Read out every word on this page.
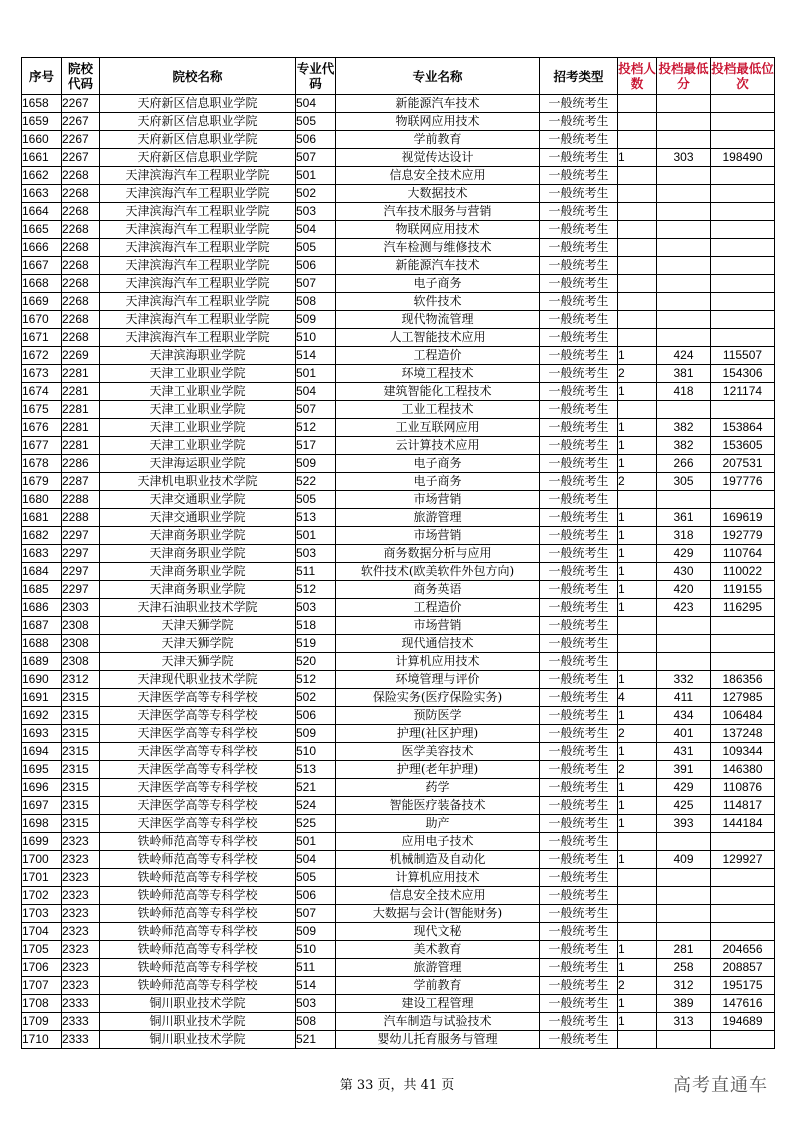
序号	院校代码	院校名称	专业代码	专业名称	招考类型	投档人数	投档最低分	投档最低位次
1658	2267	天府新区信息职业学院	504	新能源汽车技术	一般统考生			
1659	2267	天府新区信息职业学院	505	物联网应用技术	一般统考生			
1660	2267	天府新区信息职业学院	506	学前教育	一般统考生			
1661	2267	天府新区信息职业学院	507	视觉传达设计	一般统考生	1	303	198490
1662	2268	天津滨海汽车工程职业学院	501	信息安全技术应用	一般统考生			
1663	2268	天津滨海汽车工程职业学院	502	大数据技术	一般统考生			
1664	2268	天津滨海汽车工程职业学院	503	汽车技术服务与营销	一般统考生			
1665	2268	天津滨海汽车工程职业学院	504	物联网应用技术	一般统考生			
1666	2268	天津滨海汽车工程职业学院	505	汽车检测与维修技术	一般统考生			
1667	2268	天津滨海汽车工程职业学院	506	新能源汽车技术	一般统考生			
1668	2268	天津滨海汽车工程职业学院	507	电子商务	一般统考生			
1669	2268	天津滨海汽车工程职业学院	508	软件技术	一般统考生			
1670	2268	天津滨海汽车工程职业学院	509	现代物流管理	一般统考生			
1671	2268	天津滨海汽车工程职业学院	510	人工智能技术应用	一般统考生			
1672	2269	天津滨海职业学院	514	工程造价	一般统考生	1	424	115507
1673	2281	天津工业职业学院	501	环境工程技术	一般统考生	2	381	154306
1674	2281	天津工业职业学院	504	建筑智能化工程技术	一般统考生	1	418	121174
1675	2281	天津工业职业学院	507	工业工程技术	一般统考生			
1676	2281	天津工业职业学院	512	工业互联网应用	一般统考生	1	382	153864
1677	2281	天津工业职业学院	517	云计算技术应用	一般统考生	1	382	153605
1678	2286	天津海运职业学院	509	电子商务	一般统考生	1	266	207531
1679	2287	天津机电职业技术学院	522	电子商务	一般统考生	2	305	197776
1680	2288	天津交通职业学院	505	市场营销	一般统考生			
1681	2288	天津交通职业学院	513	旅游管理	一般统考生	1	361	169619
1682	2297	天津商务职业学院	501	市场营销	一般统考生	1	318	192779
1683	2297	天津商务职业学院	503	商务数据分析与应用	一般统考生	1	429	110764
1684	2297	天津商务职业学院	511	软件技术(欧美软件外包方向)	一般统考生	1	430	110022
1685	2297	天津商务职业学院	512	商务英语	一般统考生	1	420	119155
1686	2303	天津石油职业技术学院	503	工程造价	一般统考生	1	423	116295
1687	2308	天津天狮学院	518	市场营销	一般统考生			
1688	2308	天津天狮学院	519	现代通信技术	一般统考生			
1689	2308	天津天狮学院	520	计算机应用技术	一般统考生			
1690	2312	天津现代职业技术学院	512	环境管理与评价	一般统考生	1	332	186356
1691	2315	天津医学高等专科学校	502	保险实务(医疗保险实务)	一般统考生	4	411	127985
1692	2315	天津医学高等专科学校	506	预防医学	一般统考生	1	434	106484
1693	2315	天津医学高等专科学校	509	护理(社区护理)	一般统考生	2	401	137248
1694	2315	天津医学高等专科学校	510	医学美容技术	一般统考生	1	431	109344
1695	2315	天津医学高等专科学校	513	护理(老年护理)	一般统考生	2	391	146380
1696	2315	天津医学高等专科学校	521	药学	一般统考生	1	429	110876
1697	2315	天津医学高等专科学校	524	智能医疗装备技术	一般统考生	1	425	114817
1698	2315	天津医学高等专科学校	525	助产	一般统考生	1	393	144184
1699	2323	铁岭师范高等专科学校	501	应用电子技术	一般统考生			
1700	2323	铁岭师范高等专科学校	504	机械制造及自动化	一般统考生	1	409	129927
1701	2323	铁岭师范高等专科学校	505	计算机应用技术	一般统考生			
1702	2323	铁岭师范高等专科学校	506	信息安全技术应用	一般统考生			
1703	2323	铁岭师范高等专科学校	507	大数据与会计(智能财务)	一般统考生			
1704	2323	铁岭师范高等专科学校	509	现代文秘	一般统考生			
1705	2323	铁岭师范高等专科学校	510	美术教育	一般统考生	1	281	204656
1706	2323	铁岭师范高等专科学校	511	旅游管理	一般统考生	1	258	208857
1707	2323	铁岭师范高等专科学校	514	学前教育	一般统考生	2	312	195175
1708	2333	铜川职业技术学院	503	建设工程管理	一般统考生	1	389	147616
1709	2333	铜川职业技术学院	508	汽车制造与试验技术	一般统考生	1	313	194689
1710	2333	铜川职业技术学院	521	婴幼儿托育服务与管理	一般统考生			
第 33 页，共 41 页	高考直通车
